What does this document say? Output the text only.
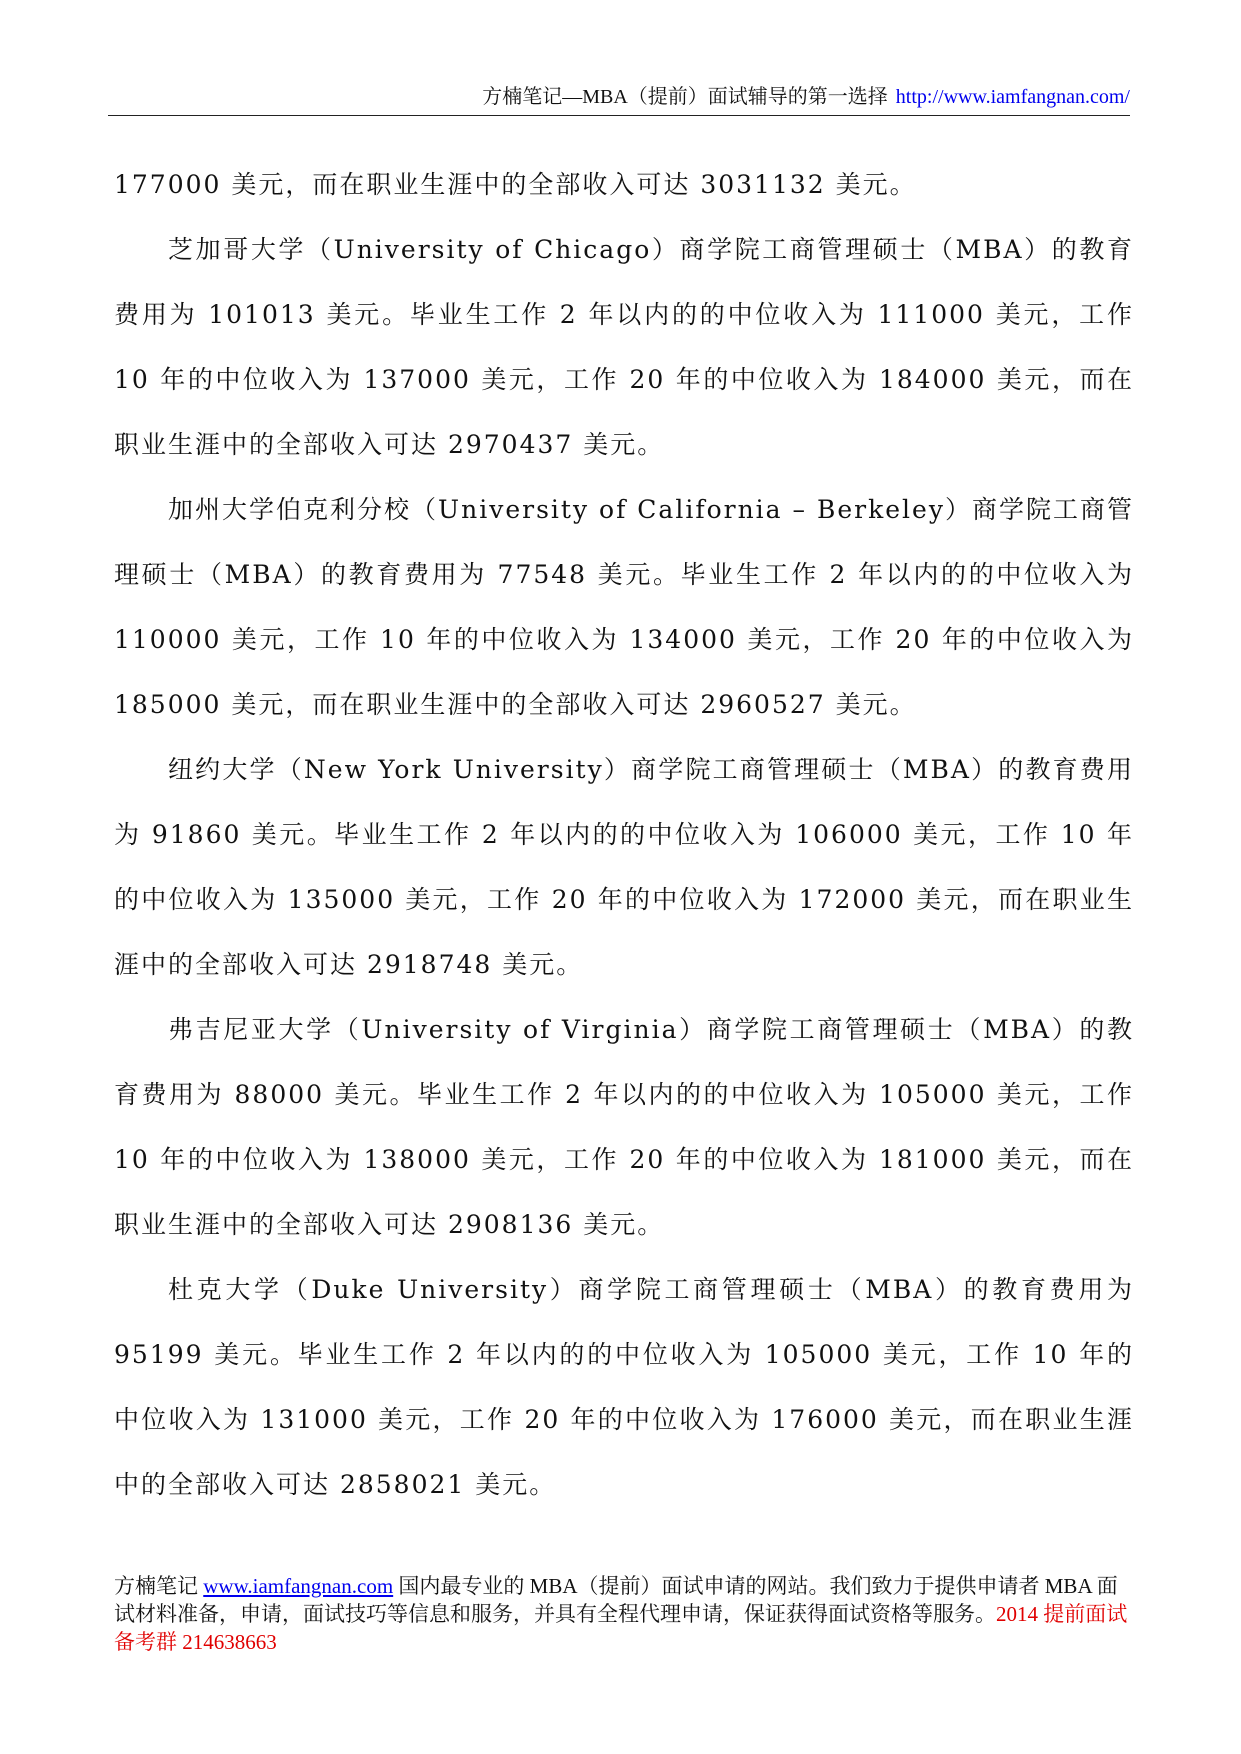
方楠笔记—MBA（提前）面试辅导的第一选择 http://www.iamfangnan.com/

177000 美元，而在职业生涯中的全部收入可达 3031132 美元。

芝加哥大学（University of Chicago）商学院工商管理硕士（MBA）的教育费用为 101013 美元。毕业生工作 2 年以内的的中位收入为 111000 美元，工作 10 年的中位收入为 137000 美元，工作 20 年的中位收入为 184000 美元，而在职业生涯中的全部收入可达 2970437 美元。

加州大学伯克利分校（University of California – Berkeley）商学院工商管理硕士（MBA）的教育费用为 77548 美元。毕业生工作 2 年以内的的中位收入为 110000 美元，工作 10 年的中位收入为 134000 美元，工作 20 年的中位收入为 185000 美元，而在职业生涯中的全部收入可达 2960527 美元。

纽约大学（New York University）商学院工商管理硕士（MBA）的教育费用为 91860 美元。毕业生工作 2 年以内的的中位收入为 106000 美元，工作 10 年的中位收入为 135000 美元，工作 20 年的中位收入为 172000 美元，而在职业生涯中的全部收入可达 2918748 美元。

弗吉尼亚大学（University of Virginia）商学院工商管理硕士（MBA）的教育费用为 88000 美元。毕业生工作 2 年以内的的中位收入为 105000 美元，工作 10 年的中位收入为 138000 美元，工作 20 年的中位收入为 181000 美元，而在职业生涯中的全部收入可达 2908136 美元。

杜克大学（Duke University）商学院工商管理硕士（MBA）的教育费用为 95199 美元。毕业生工作 2 年以内的的中位收入为 105000 美元，工作 10 年的中位收入为 131000 美元，工作 20 年的中位收入为 176000 美元，而在职业生涯中的全部收入可达 2858021 美元。

方楠笔记 www.iamfangnan.com 国内最专业的 MBA（提前）面试申请的网站。我们致力于提供申请者 MBA 面试材料准备，申请，面试技巧等信息和服务，并具有全程代理申请，保证获得面试资格等服务。2014 提前面试备考群 214638663
